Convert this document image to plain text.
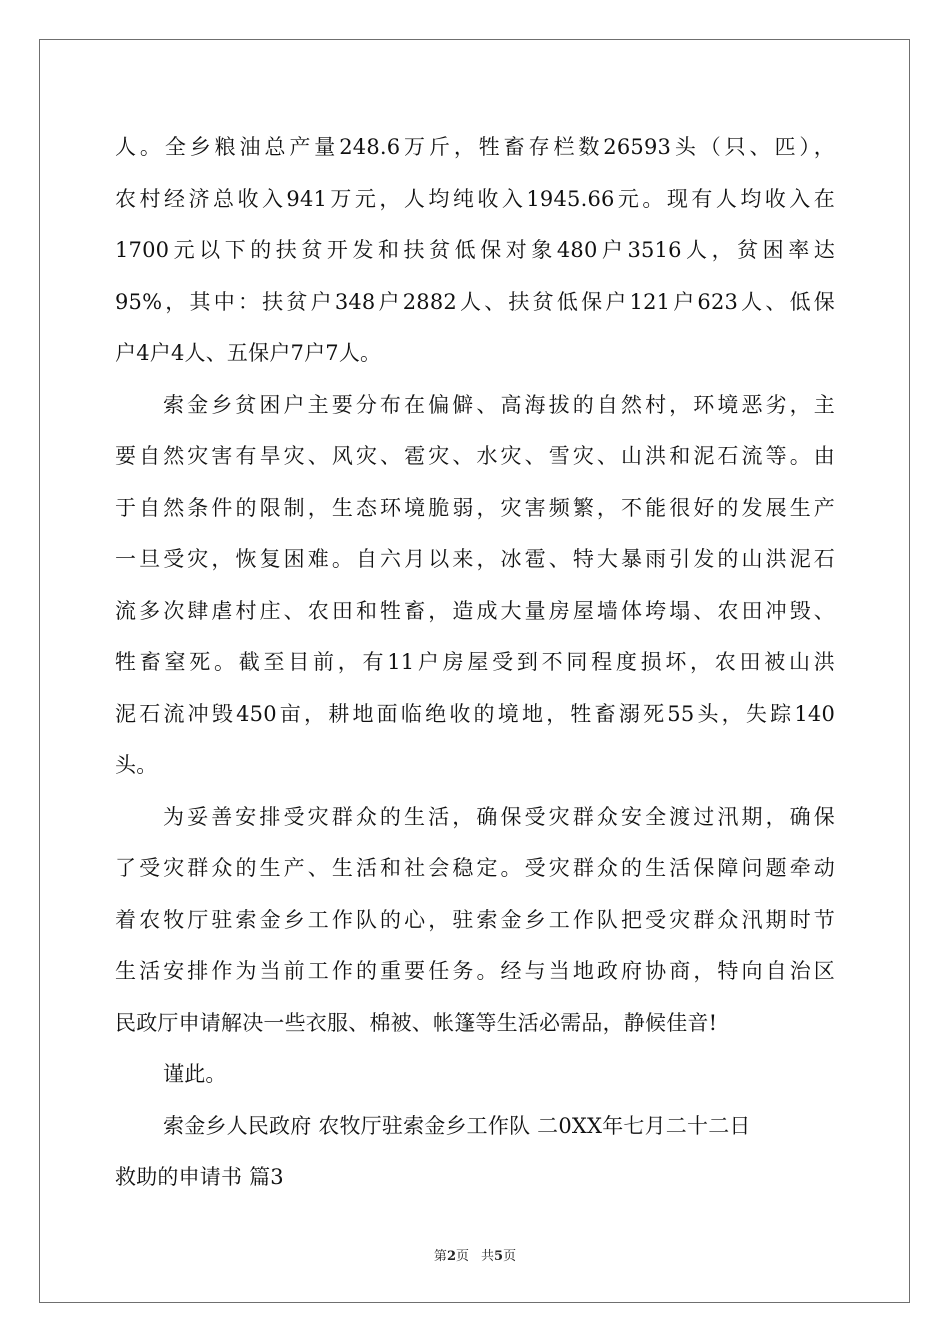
人。全乡粮油总产量248.6万斤，牲畜存栏数26593头（只、匹），
农村经济总收入941万元，人均纯收入1945.66元。现有人均收入在
1700元以下的扶贫开发和扶贫低保对象480户3516人，贫困率达
95%，其中：扶贫户348户2882人、扶贫低保户121户623人、低保
户4户4人、五保户7户7人。
索金乡贫困户主要分布在偏僻、高海拔的自然村，环境恶劣，主
要自然灾害有旱灾、风灾、雹灾、水灾、雪灾、山洪和泥石流等。由
于自然条件的限制，生态环境脆弱，灾害频繁，不能很好的发展生产
一旦受灾，恢复困难。自六月以来，冰雹、特大暴雨引发的山洪泥石
流多次肆虐村庄、农田和牲畜，造成大量房屋墙体垮塌、农田冲毁、
牲畜窒死。截至目前，有11户房屋受到不同程度损坏，农田被山洪
泥石流冲毁450亩，耕地面临绝收的境地，牲畜溺死55头，失踪140
头。
为妥善安排受灾群众的生活，确保受灾群众安全渡过汛期，确保
了受灾群众的生产、生活和社会稳定。受灾群众的生活保障问题牵动
着农牧厅驻索金乡工作队的心，驻索金乡工作队把受灾群众汛期时节
生活安排作为当前工作的重要任务。经与当地政府协商，特向自治区
民政厅申请解决一些衣服、棉被、帐篷等生活必需品，静候佳音!
谨此。
索金乡人民政府 农牧厅驻索金乡工作队 二0XX年七月二十二日
救助的申请书 篇3
第2页 共5页
